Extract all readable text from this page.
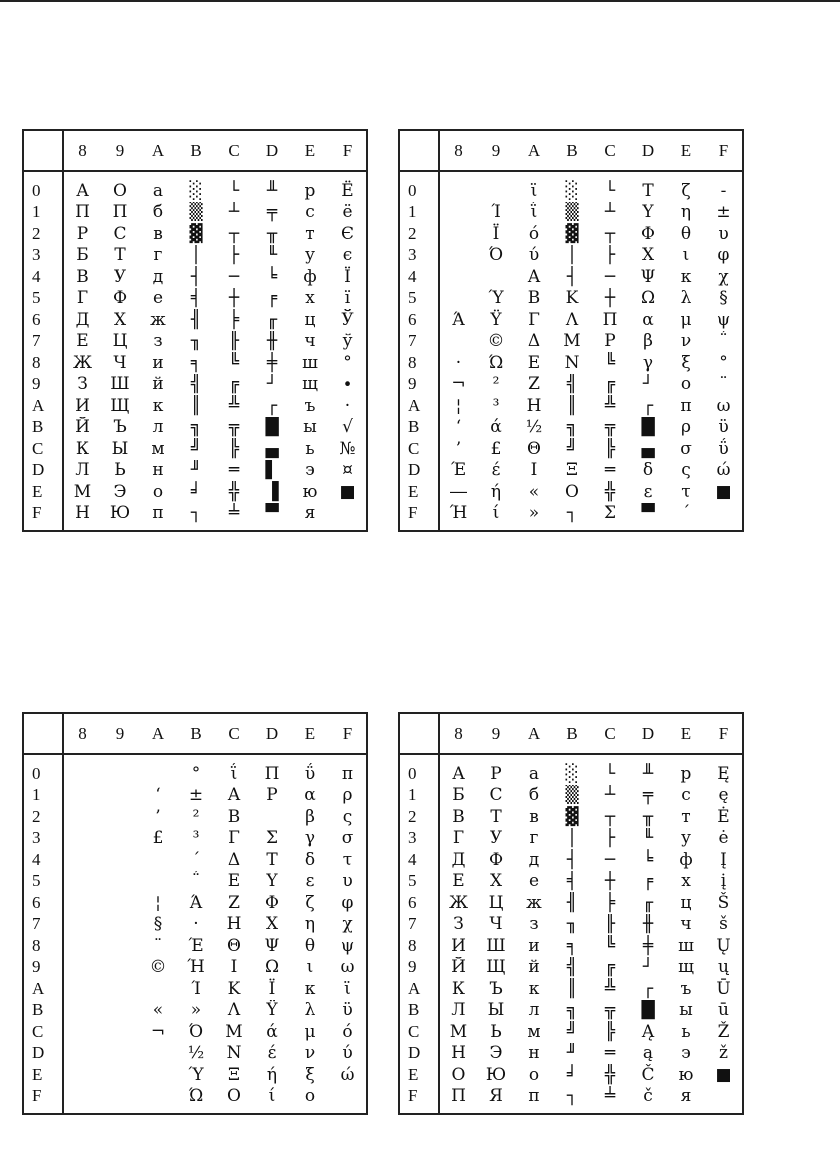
	8	9	A	B	C	D	E	F

0	А	О	а	░	└	╨	р	Ё
1	П	Π	б	▒	┴	╤	с	ё
2	Р	C	в	▓	┬	╥	т	Є
3	Б	Т	г	│	├	╙	у	є
4	В	У	д	┤	─	╘	ф	Ї
5	Г	Ф	е	╡	┼	╒	х	ї
6	Д	Х	ж	╢	╞	╓	ц	Ў
7	Е	Ц	з	╖	╟	╫	ч	ў
8	Ж	Ч	и	╕	╚	╪	ш	°
9	З	Ш	й	╣	╔	┘	щ	∙
A	И	Щ	к	║	╩	┌	ъ	·
B	Й	Ъ	л	╗	╦	█	ы	√
C	К	Ы	м	╝	╠	▄	ь	№
D	Л	Ь	н	╜	═	▌	э	¤
E	М	Э	о	╛	╬	▐	ю	■
F	Н	Ю	п	┐	╧	▀	я	

	8	9	A	B	C	D	E	F

0			ϊ	░	└	Τ	ζ	-
1		Ί	ΐ	▒	┴	Υ	η	±
2		Ϊ	ό	▓	┬	Φ	θ	υ
3		Ό	ύ	│	├	Χ	ι	φ
4			Α	┤	─	Ψ	κ	χ
5		Ύ	Β	Κ	┼	Ω	λ	§
6	Ά	Ϋ	Γ	Λ	Π	α	μ	ψ
7		©	Δ	Μ	Ρ	β	ν	΅
8	·	Ώ	Ε	Ν	╚	γ	ξ	°
9	¬	²	Ζ	╣	╔	┘	ο	¨
A	¦	³	Η	║	╩	┌	π	ω
B	‘	ά	½	╗	╦	█	ρ	ϋ
C	’	£	Θ	╝	╠	▄	σ	ΰ
D	Έ	έ	Ι	Ξ	═	δ	ς	ώ
E	―	ή	«	Ο	╬	ε	τ	■
F	Ή	ί	»	┐	Σ	▀	΄	

	8	9	A	B	C	D	E	F

0				°	ΐ	Π	ΰ	π
1			‘	±	Α	Ρ	α	ρ
2			’	²	Β		β	ς
3			£	³	Γ	Σ	γ	σ
4				΄	Δ	Τ	δ	τ
5				΅	Ε	Υ	ε	υ
6			¦	Ά	Ζ	Φ	ζ	φ
7			§	·	Η	Χ	η	χ
8			¨	Έ	Θ	Ψ	θ	ψ
9			©	Ή	Ι	Ω	ι	ω
A				Ί	Κ	Ϊ	κ	ϊ
B			«	»	Λ	Ϋ	λ	ϋ
C			¬	Ό	Μ	ά	μ	ό
D				½	Ν	έ	ν	ύ
E				Ύ	Ξ	ή	ξ	ώ
F				Ώ	Ο	ί	ο	

	8	9	A	B	C	D	E	F

0	А	Р	а	░	└	╨	р	Ę
1	Б	С	б	▒	┴	╤	с	ę
2	В	Т	в	▓	┬	╥	т	Ė
3	Г	У	г	│	├	╙	у	ė
4	Д	Ф	д	┤	─	╘	ф	Į
5	Е	Х	е	╡	┼	╒	х	į
6	Ж	Ц	ж	╢	╞	╓	ц	Š
7	З	Ч	з	╖	╟	╫	ч	š
8	И	Ш	и	╕	╚	╪	ш	Ų
9	Й	Щ	й	╣	╔	┘	щ	ų
A	К	Ъ	к	║	╩	┌	ъ	Ū
B	Л	Ы	л	╗	╦	█	ы	ū
C	М	Ь	м	╝	╠	Ą	ь	Ž
D	Н	Э	н	╜	═	ą	э	ž
E	О	Ю	о	╛	╬	Č	ю	■
F	П	Я	п	┐	╧	č	я	
